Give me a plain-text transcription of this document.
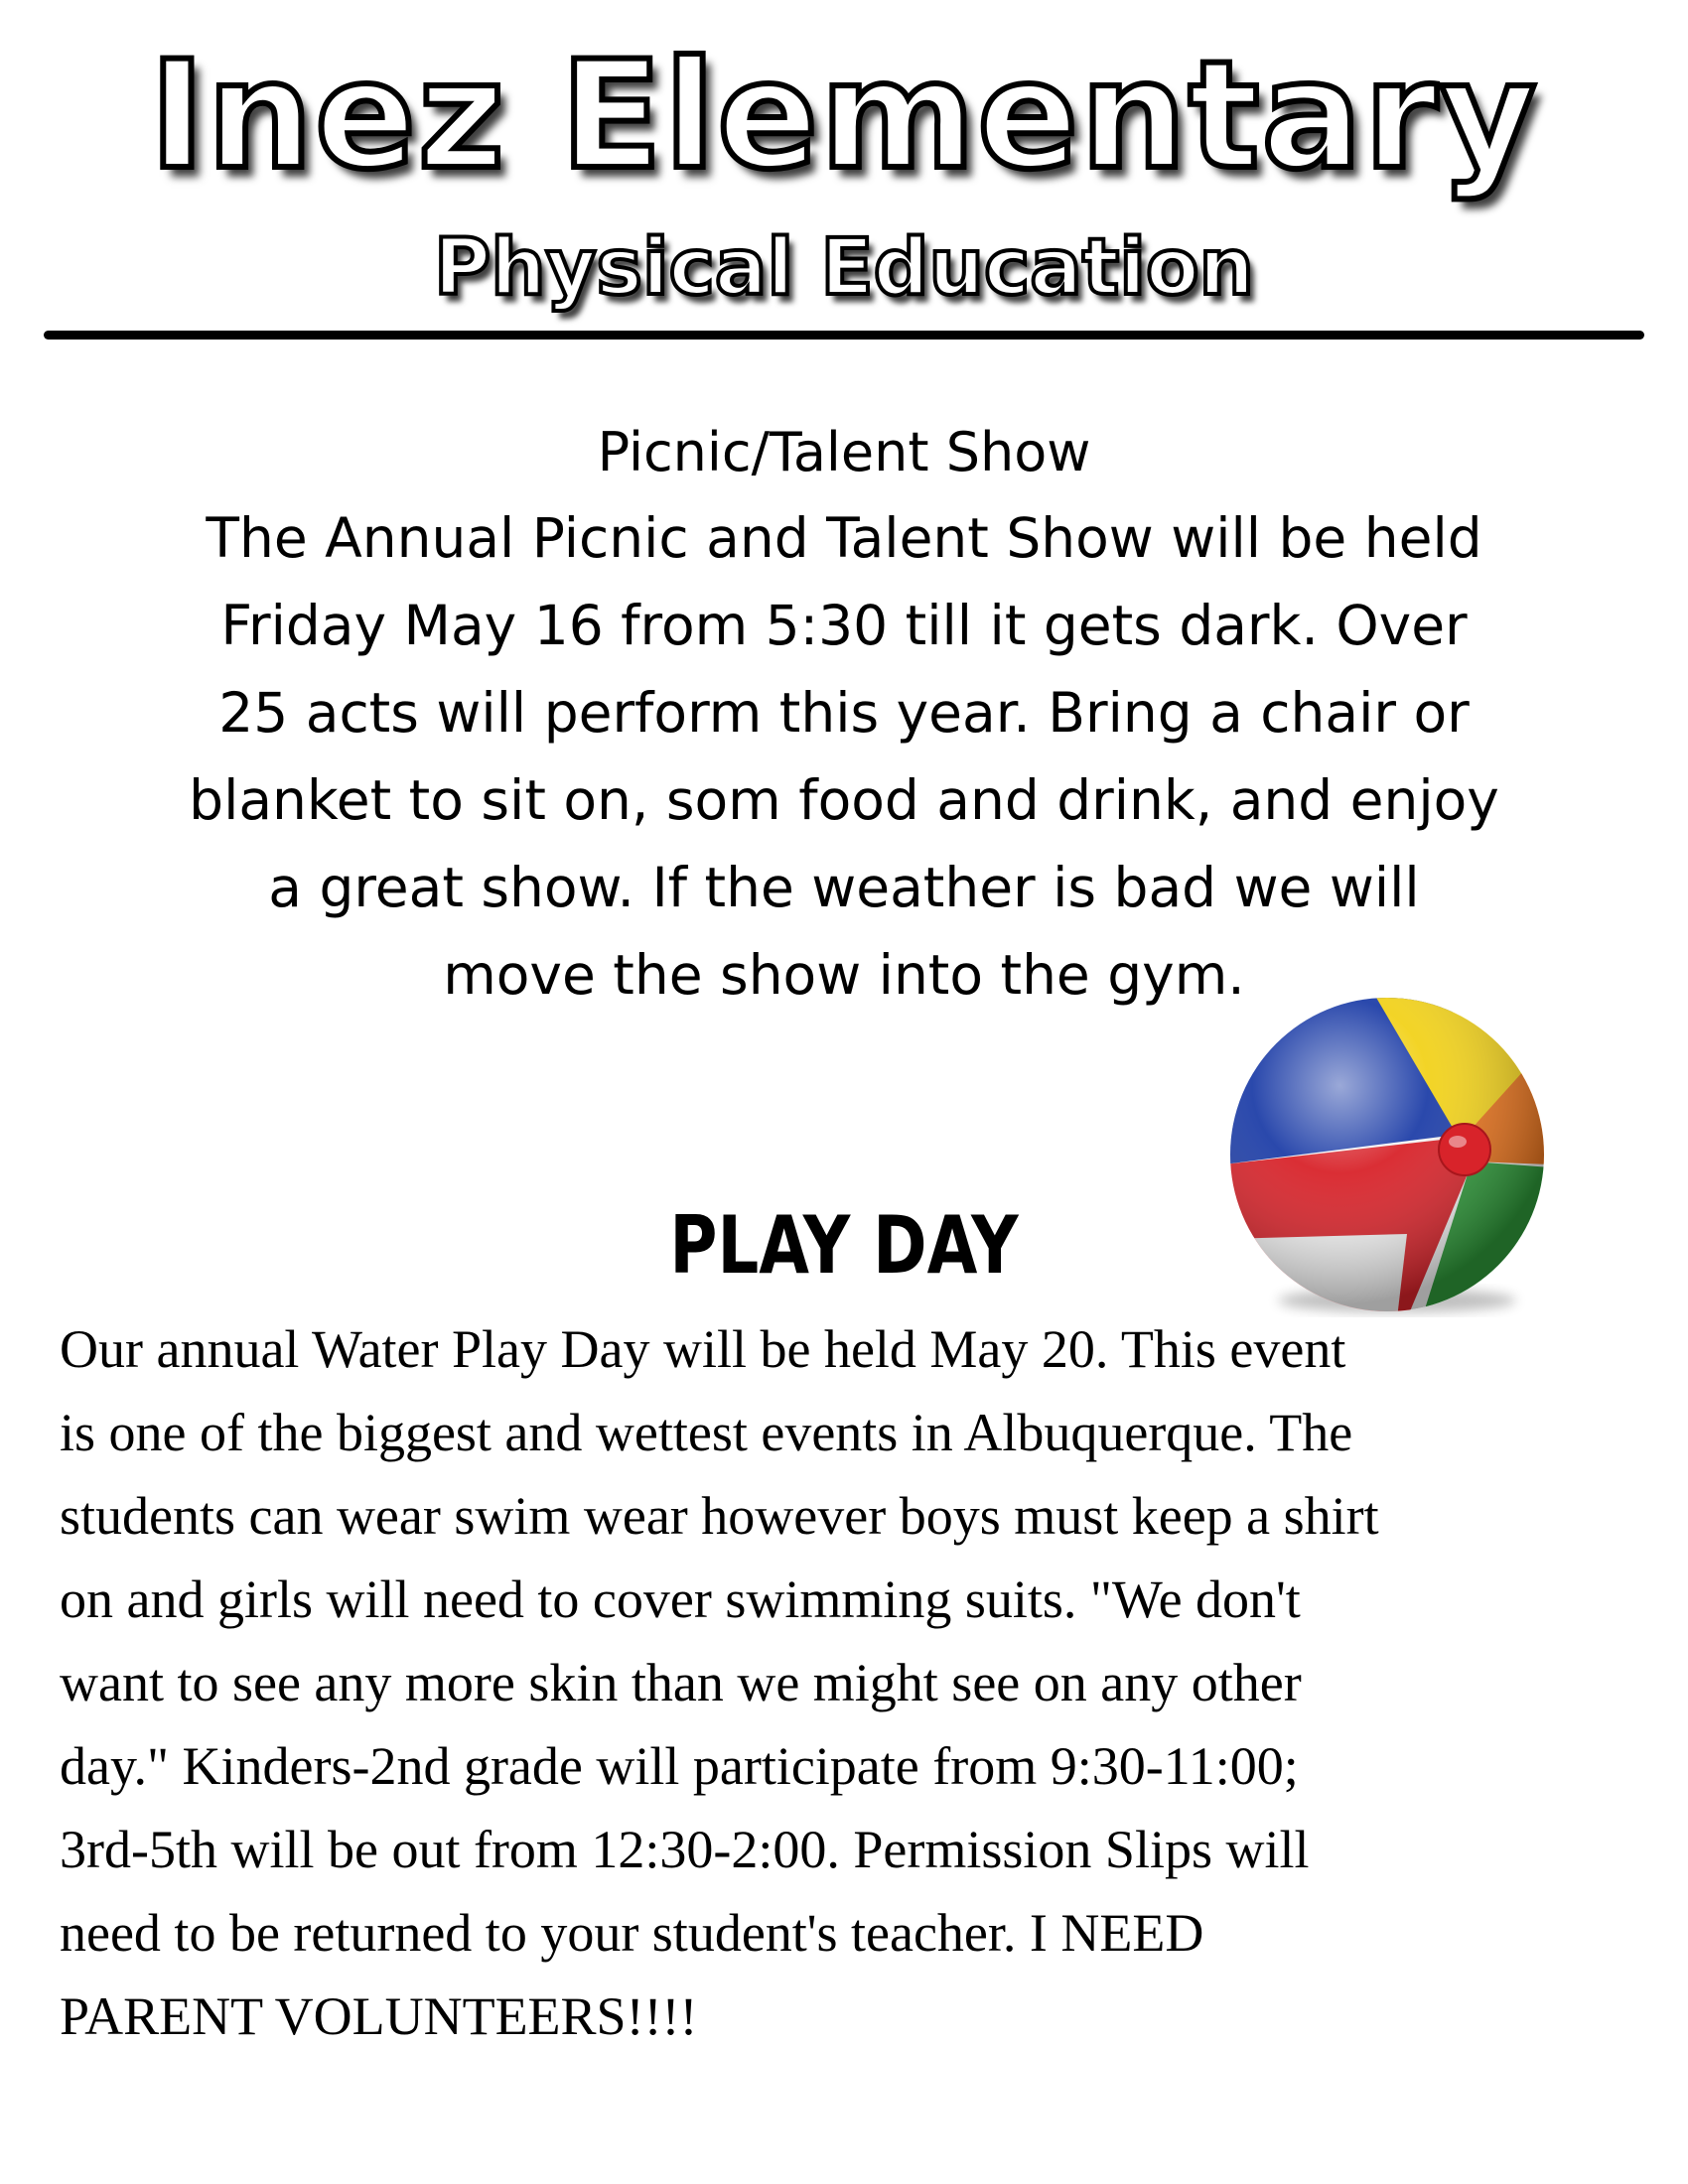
Inez Elementary
Physical Education
Picnic/Talent Show
The Annual Picnic and Talent Show will be held
Friday May 16 from 5:30 till it gets dark. Over
25 acts will perform this year. Bring a chair or
blanket to sit on, som food and drink, and enjoy
a great show. If the weather is bad we will
move the show into the gym.
PLAY DAY
Our annual Water Play Day will be held May 20. This event
is one of the biggest and wettest events in Albuquerque. The
students can wear swim wear however boys must keep a shirt
on and girls will need to cover swimming suits. "We don't
want to see any more skin than we might see on any other
day." Kinders-2nd grade will participate from 9:30-11:00;
3rd-5th will be out from 12:30-2:00. Permission Slips will
need to be returned to your student's teacher. I NEED
PARENT VOLUNTEERS!!!!
